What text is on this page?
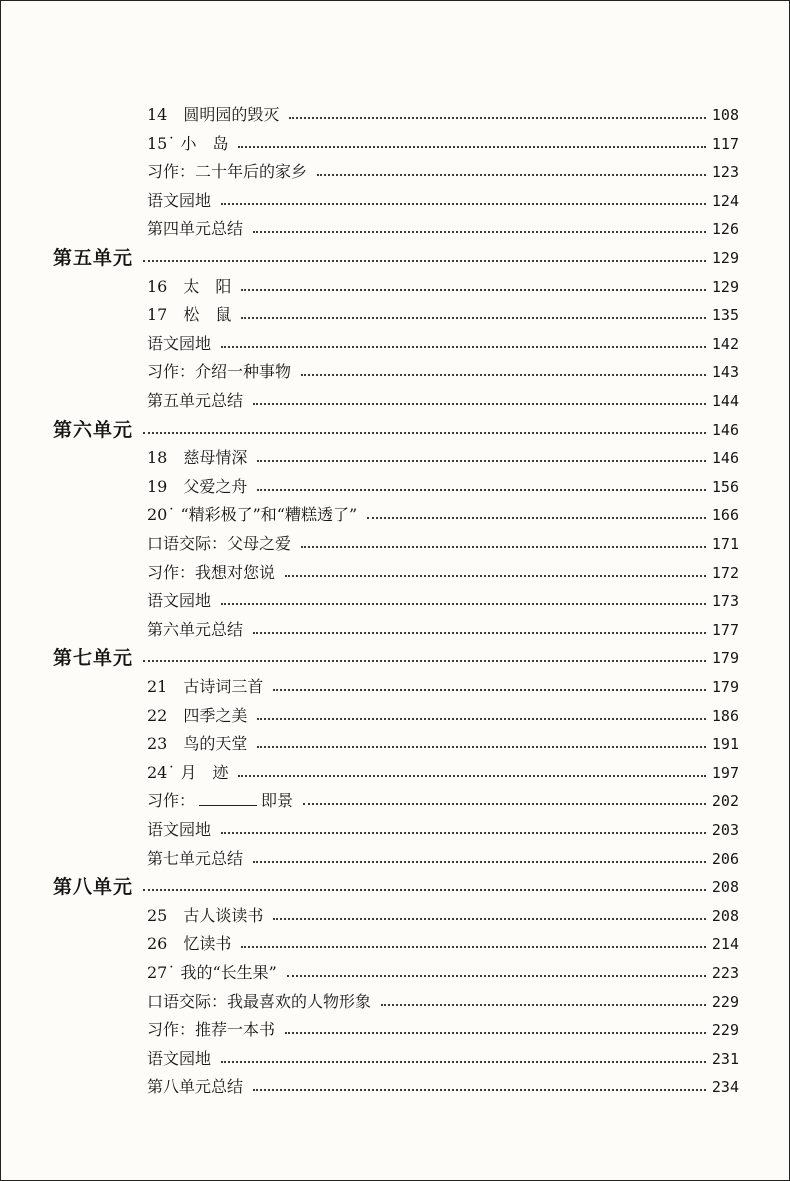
14　圆明园的毁灭	108
15˙ 小　岛	117
习作：二十年后的家乡	123
语文园地	124
第四单元总结	126
第五单元	129
16　太　阳	129
17　松　鼠	135
语文园地	142
习作：介绍一种事物	143
第五单元总结	144
第六单元	146
18　慈母情深	146
19　父爱之舟	156
20˙ “精彩极了”和“糟糕透了”	166
口语交际：父母之爱	171
习作：我想对您说	172
语文园地	173
第六单元总结	177
第七单元	179
21　古诗词三首	179
22　四季之美	186
23　鸟的天堂	191
24˙ 月　迹	197
习作：	即景	202
语文园地	203
第七单元总结	206
第八单元	208
25　古人谈读书	208
26　忆读书	214
27˙ 我的“长生果”	223
口语交际：我最喜欢的人物形象	229
习作：推荐一本书	229
语文园地	231
第八单元总结	234
